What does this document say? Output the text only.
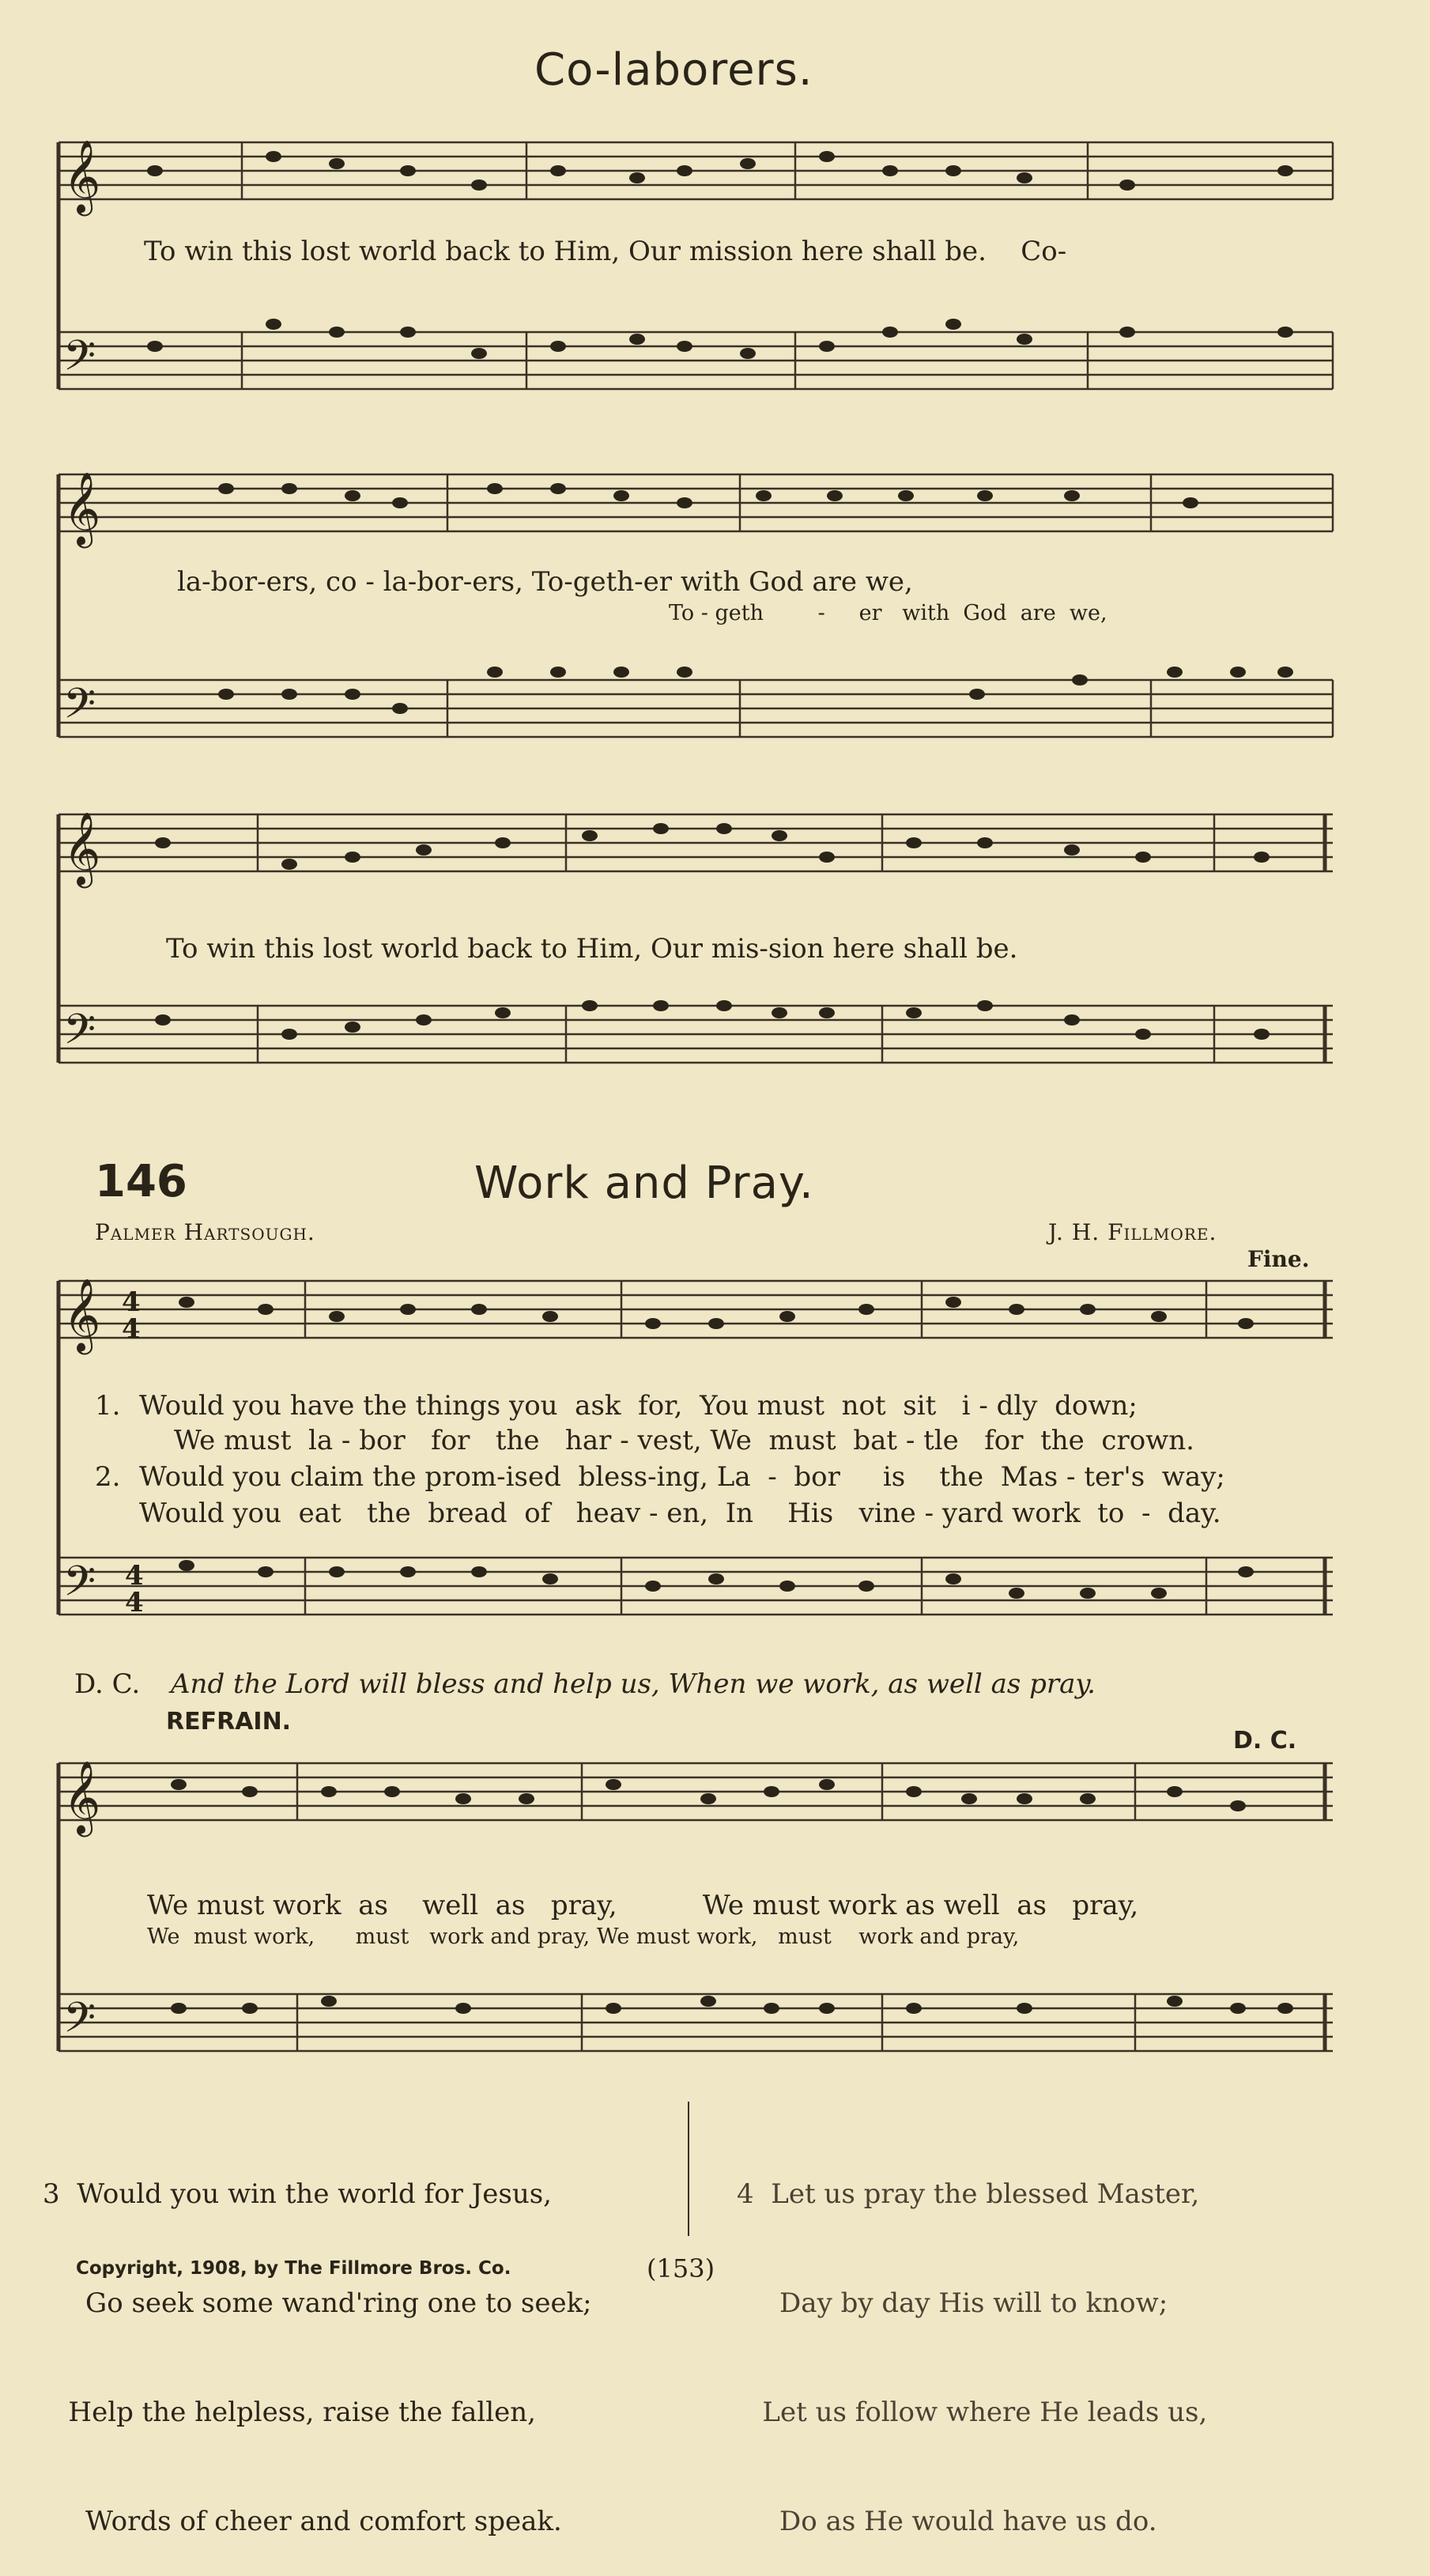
Co-laborers.
𝄞
𝄢
To win this lost world back to Him, Our mission here shall be.    Co-
𝄞
𝄢
la-bor-ers, co - la-bor-ers, To-geth-er with God are we,
To - geth        -     er   with  God  are  we,
𝄞
𝄢
To win this lost world back to Him, Our mis-sion here shall be.
146	Work and Pray.
Palmer Hartsough.	J. H. Fillmore.
Fine.
𝄞
𝄢
4
4
4
4
1. Would you have the things you  ask  for,  You must  not  sit   i - dly  down;
We must  la - bor   for   the   har - vest, We  must  bat - tle   for  the  crown.
2. Would you claim the prom-ised  bless-ing, La  -  bor     is    the  Mas - ter's  way;
Would you  eat   the  bread  of   heav - en,  In    His   vine - yard work  to  -  day.
D. C. And the Lord will bless and help us, When we work, as well as pray.
REFRAIN.
D. C.
𝄞
𝄢
We must work  as    well  as   pray,          We must work as well  as   pray,
We  must work,      must   work and pray, We must work,   must    work and pray,

3  Would you win the world for Jesus,

Go seek some wand'ring one to seek;

Help the helpless, raise the fallen,

Words of cheer and comfort speak.

4  Let us pray the blessed Master,

Day by day His will to know;

Let us follow where He leads us,

Do as He would have us do.

Copyright, 1908, by The Fillmore Bros. Co.	(153)
